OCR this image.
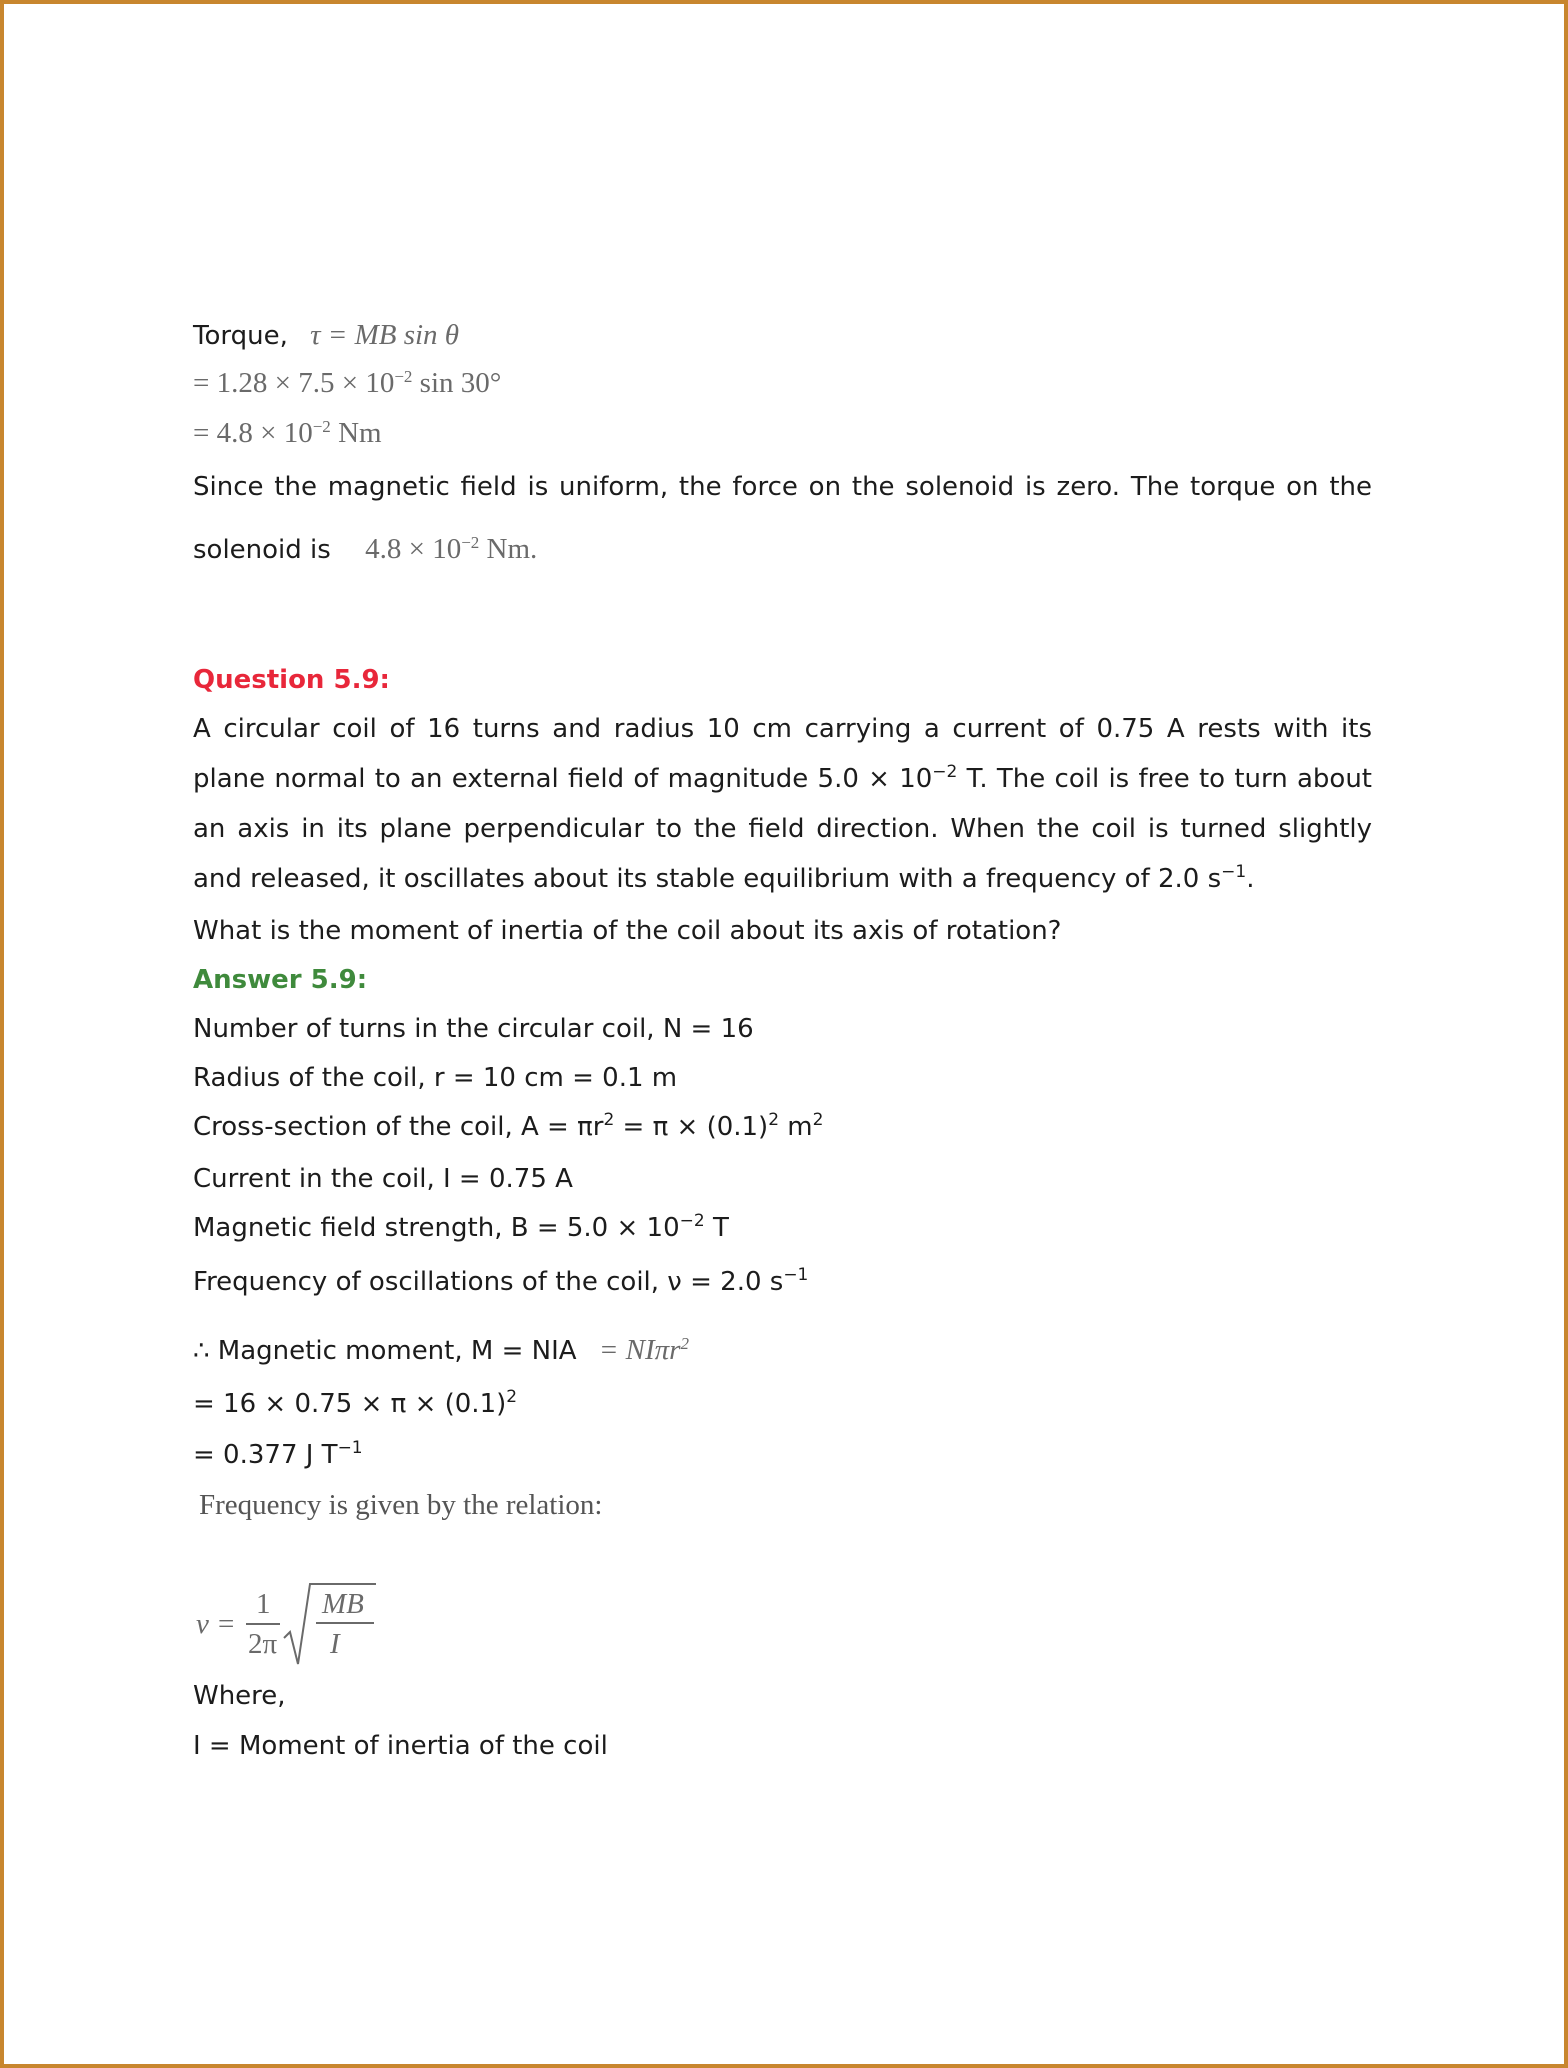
Torque, τ = MB sin θ
= $1.28 \times 7.5 \times 10^{-2}$ sin 30°
= $4.8 \times 10^{-2}$ Nm
Since the magnetic field is uniform, the force on the solenoid is zero. The torque on the
solenoid is $4.8 \times 10^{-2}$ Nm.
Question 5.9:
A circular coil of 16 turns and radius 10 cm carrying a current of 0.75 A rests with its
plane normal to an external field of magnitude $5.0 \times 10^{-2}$ T. The coil is free to turn about
an axis in its plane perpendicular to the field direction. When the coil is turned slightly
and released, it oscillates about its stable equilibrium with a frequency of 2.0 $s^{-1}$.
What is the moment of inertia of the coil about its axis of rotation?
Answer 5.9:
Number of turns in the circular coil, N = 16
Radius of the coil, r = 10 cm = 0.1 m
Cross-section of the coil, $A = \pi r^2 = \pi \times (0.1)^2$ $m^2$
Current in the coil, I = 0.75 A
Magnetic field strength, $B = 5.0 \times 10^{-2}$ T
Frequency of oscillations of the coil, ν = 2.0 $s^{-1}$
∴ Magnetic moment, M = NIA = NIπr$^2$
= $16 \times 0.75 \times \pi \times (0.1)^2$
= 0.377 J $T^{-1}$
Frequency is given by the relation:
ν =
1
2π
MB
I
Where,
I = Moment of inertia of the coil
